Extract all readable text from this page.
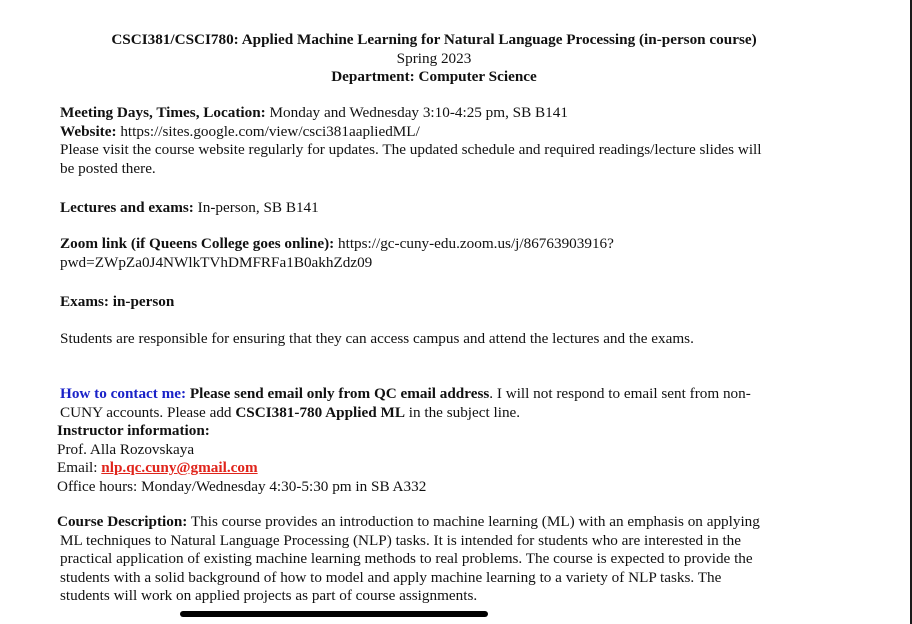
CSCI381/CSCI780: Applied Machine Learning for Natural Language Processing (in-person course)
Spring 2023
Department: Computer Science
Meeting Days, Times, Location: Monday and Wednesday 3:10-4:25 pm, SB B141
Website: https://sites.google.com/view/csci381aapliedML/
Please visit the course website regularly for updates. The updated schedule and required readings/lecture slides will
be posted there.
Lectures and exams: In-person, SB B141
Zoom link (if Queens College goes online): https://gc-cuny-edu.zoom.us/j/86763903916?
pwd=ZWpZa0J4NWlkTVhDMFRFa1B0akhZdz09
Exams: in-person
Students are responsible for ensuring that they can access campus and attend the lectures and the exams.
How to contact me: Please send email only from QC email address. I will not respond to email sent from non-
CUNY accounts. Please add CSCI381-780 Applied ML in the subject line.
Instructor information:
Prof. Alla Rozovskaya
Email: nlp.qc.cuny@gmail.com
Office hours: Monday/Wednesday 4:30-5:30 pm in SB A332
Course Description: This course provides an introduction to machine learning (ML) with an emphasis on applying
ML techniques to Natural Language Processing (NLP) tasks. It is intended for students who are interested in the
practical application of existing machine learning methods to real problems. The course is expected to provide the
students with a solid background of how to model and apply machine learning to a variety of NLP tasks. The
students will work on applied projects as part of course assignments.
